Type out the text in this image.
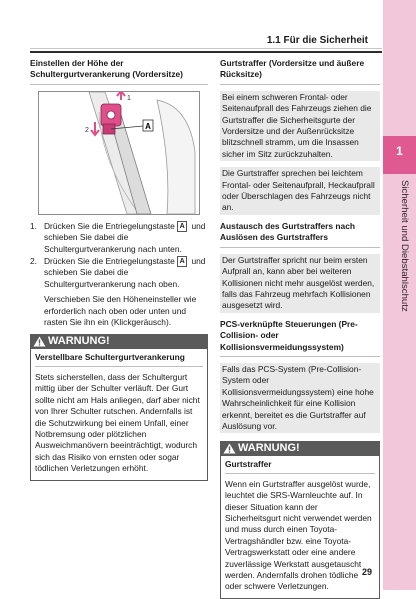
1.1 Für die Sicherheit
1
Sicherheit und Diebstahlschutz
Einstellen der Höhe der Schultergurtverankerung (Vordersitze)
A
1
2
1. Drücken Sie die Entriegelungstaste A und schieben Sie dabei die Schultergurtverankerung nach unten.
2. Drücken Sie die Entriegelungstaste A und schieben Sie dabei die Schultergurtverankerung nach oben.

Verschieben Sie den Höheneinsteller wie erforderlich nach oben oder unten und rasten Sie ihn ein (Klickgeräusch).

WARNUNG!
Verstellbare Schultergurtverankerung
Stets sicherstellen, dass der Schultergurt mittig über der Schulter verläuft. Der Gurt sollte nicht am Hals anliegen, darf aber nicht von Ihrer Schulter rutschen. Andernfalls ist die Schutzwirkung bei einem Unfall, einer Notbremsung oder plötzlichen Ausweichmanövern beeinträchtigt, wodurch sich das Risiko von ernsten oder sogar tödlichen Verletzungen erhöht.
Gurtstraffer (Vordersitze und äußere Rücksitze)

Bei einem schweren Frontal- oder Seitenaufprall des Fahrzeugs ziehen die Gurtstraffer die Sicherheitsgurte der Vordersitze und der Außenrücksitze blitzschnell stramm, um die Insassen sicher im Sitz zurückzuhalten.

Die Gurtstraffer sprechen bei leichtem Frontal- oder Seitenaufprall, Heckaufprall oder Überschlagen des Fahrzeugs nicht an.

Austausch des Gurtstraffers nach Auslösen des Gurtstraffers

Der Gurtstraffer spricht nur beim ersten Aufprall an, kann aber bei weiteren Kollisionen nicht mehr ausgelöst werden, falls das Fahrzeug mehrfach Kollisionen ausgesetzt wird.

PCS-verknüpfte Steuerungen (Pre-Collision- oder Kollisionsvermeidungssystem)

Falls das PCS-System (Pre-Collision-System oder Kollisionsvermeidungssystem) eine hohe Wahrscheinlichkeit für eine Kollision erkennt, bereitet es die Gurtstraffer auf Auslösung vor.

WARNUNG!
Gurtstraffer
Wenn ein Gurtstraffer ausgelöst wurde, leuchtet die SRS-Warnleuchte auf. In dieser Situation kann der Sicherheitsgurt nicht verwendet werden und muss durch einen Toyota-Vertragshändler bzw. eine Toyota-Vertragswerkstatt oder eine andere zuverlässige Werkstatt ausgetauscht werden. Andernfalls drohen tödliche oder schwere Verletzungen.
29
